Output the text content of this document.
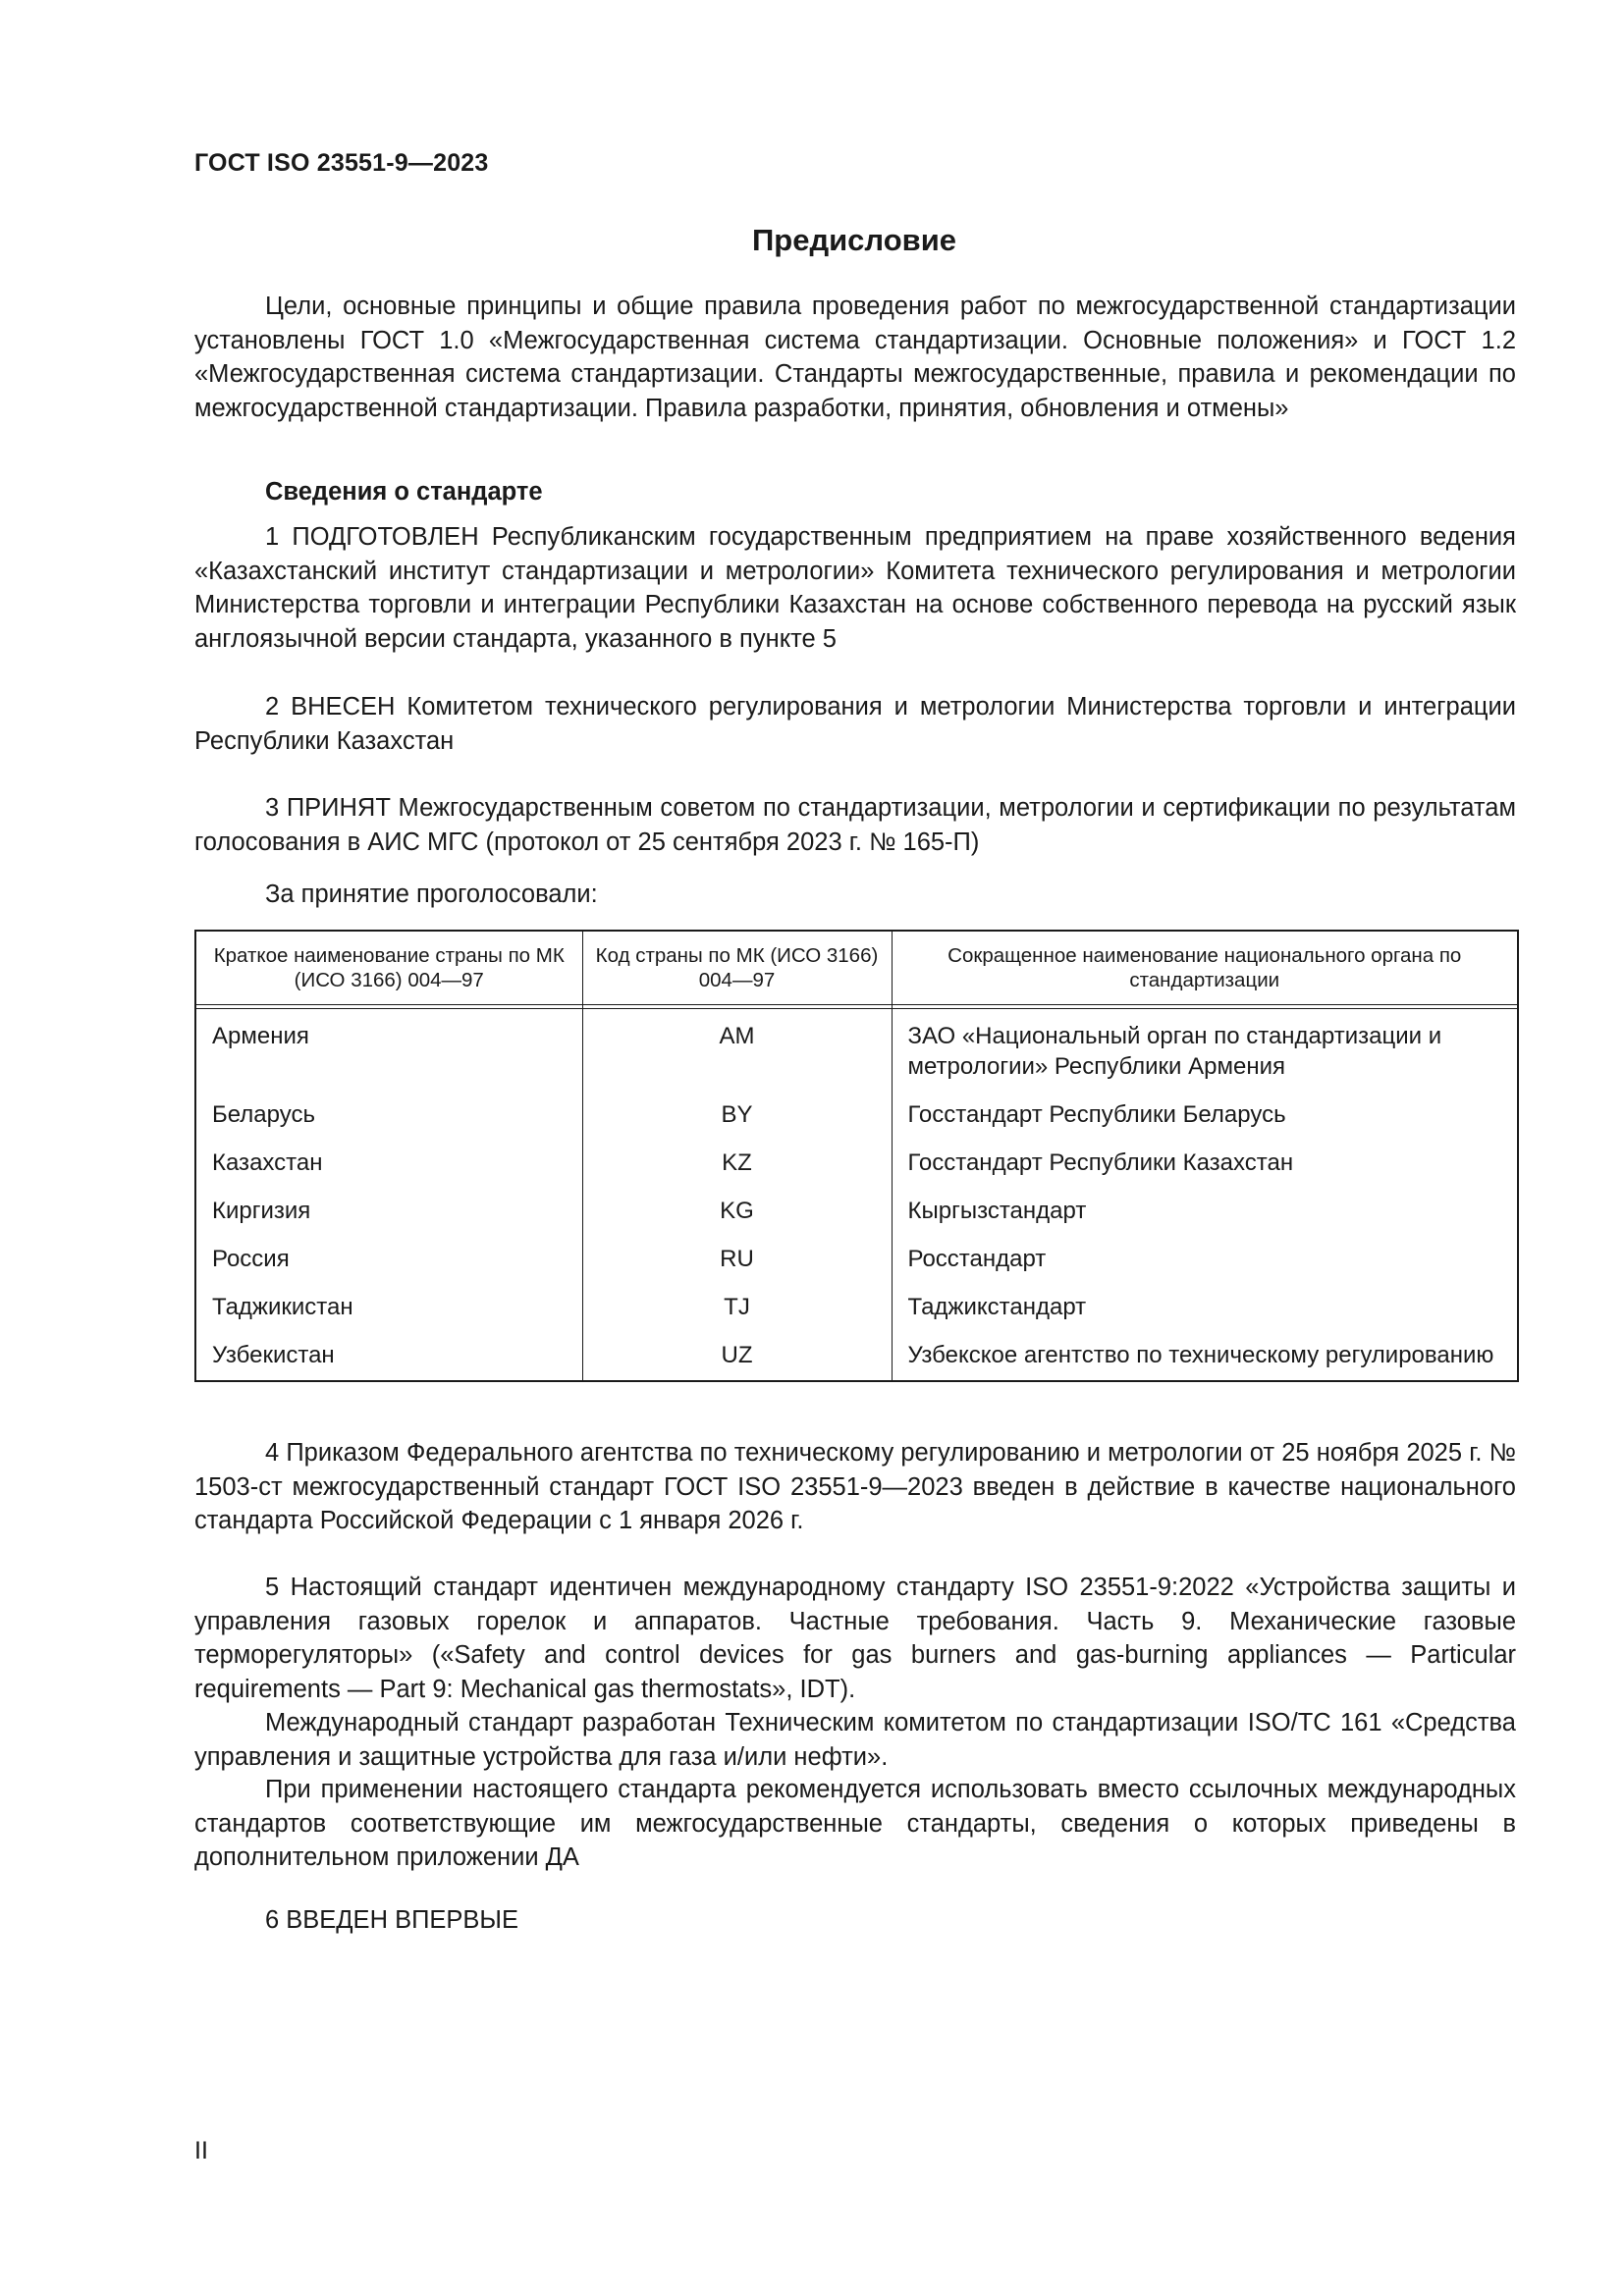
ГОСТ ISO 23551-9—2023
Предисловие

Цели, основные принципы и общие правила проведения работ по межгосударственной стандартизации установлены ГОСТ 1.0 «Межгосударственная система стандартизации. Основные положения» и ГОСТ 1.2 «Межгосударственная система стандартизации. Стандарты межгосударственные, правила и рекомендации по межгосударственной стандартизации. Правила разработки, принятия, обновления и отмены»

Сведения о стандарте

1 ПОДГОТОВЛЕН Республиканским государственным предприятием на праве хозяйственного ведения «Казахстанский институт стандартизации и метрологии» Комитета технического регулирования и метрологии Министерства торговли и интеграции Республики Казахстан на основе собственного перевода на русский язык англоязычной версии стандарта, указанного в пункте 5

2 ВНЕСЕН Комитетом технического регулирования и метрологии Министерства торговли и интеграции Республики Казахстан

3 ПРИНЯТ Межгосударственным советом по стандартизации, метрологии и сертификации по результатам голосования в АИС МГС (протокол от 25 сентября 2023 г. № 165-П)

За принятие проголосовали:
Краткое наименование страны по МК (ИСО 3166) 004—97	Код страны по МК (ИСО 3166) 004—97	Сокращенное наименование национального органа по стандартизации

Армения	AM	ЗАО «Национальный орган по стандартизации и метрологии» Республики Армения
Беларусь	BY	Госстандарт Республики Беларусь
Казахстан	KZ	Госстандарт Республики Казахстан
Киргизия	KG	Кыргызстандарт
Россия	RU	Росстандарт
Таджикистан	TJ	Таджикстандарт
Узбекистан	UZ	Узбекское агентство по техническому регулированию

4 Приказом Федерального агентства по техническому регулированию и метрологии от 25 ноября 2025 г. № 1503-ст межгосударственный стандарт ГОСТ ISO 23551-9—2023 введен в действие в качестве национального стандарта Российской Федерации с 1 января 2026 г.

5 Настоящий стандарт идентичен международному стандарту ISO 23551-9:2022 «Устройства защиты и управления газовых горелок и аппаратов. Частные требования. Часть 9. Механические газовые терморегуляторы» («Safety and control devices for gas burners and gas-burning appliances — Particular requirements — Part 9: Mechanical gas thermostats», IDT).

Международный стандарт разработан Техническим комитетом по стандартизации ISO/TC 161 «Средства управления и защитные устройства для газа и/или нефти».

При применении настоящего стандарта рекомендуется использовать вместо ссылочных международных стандартов соответствующие им межгосударственные стандарты, сведения о которых приведены в дополнительном приложении ДА

6 ВВЕДЕН ВПЕРВЫЕ
II
